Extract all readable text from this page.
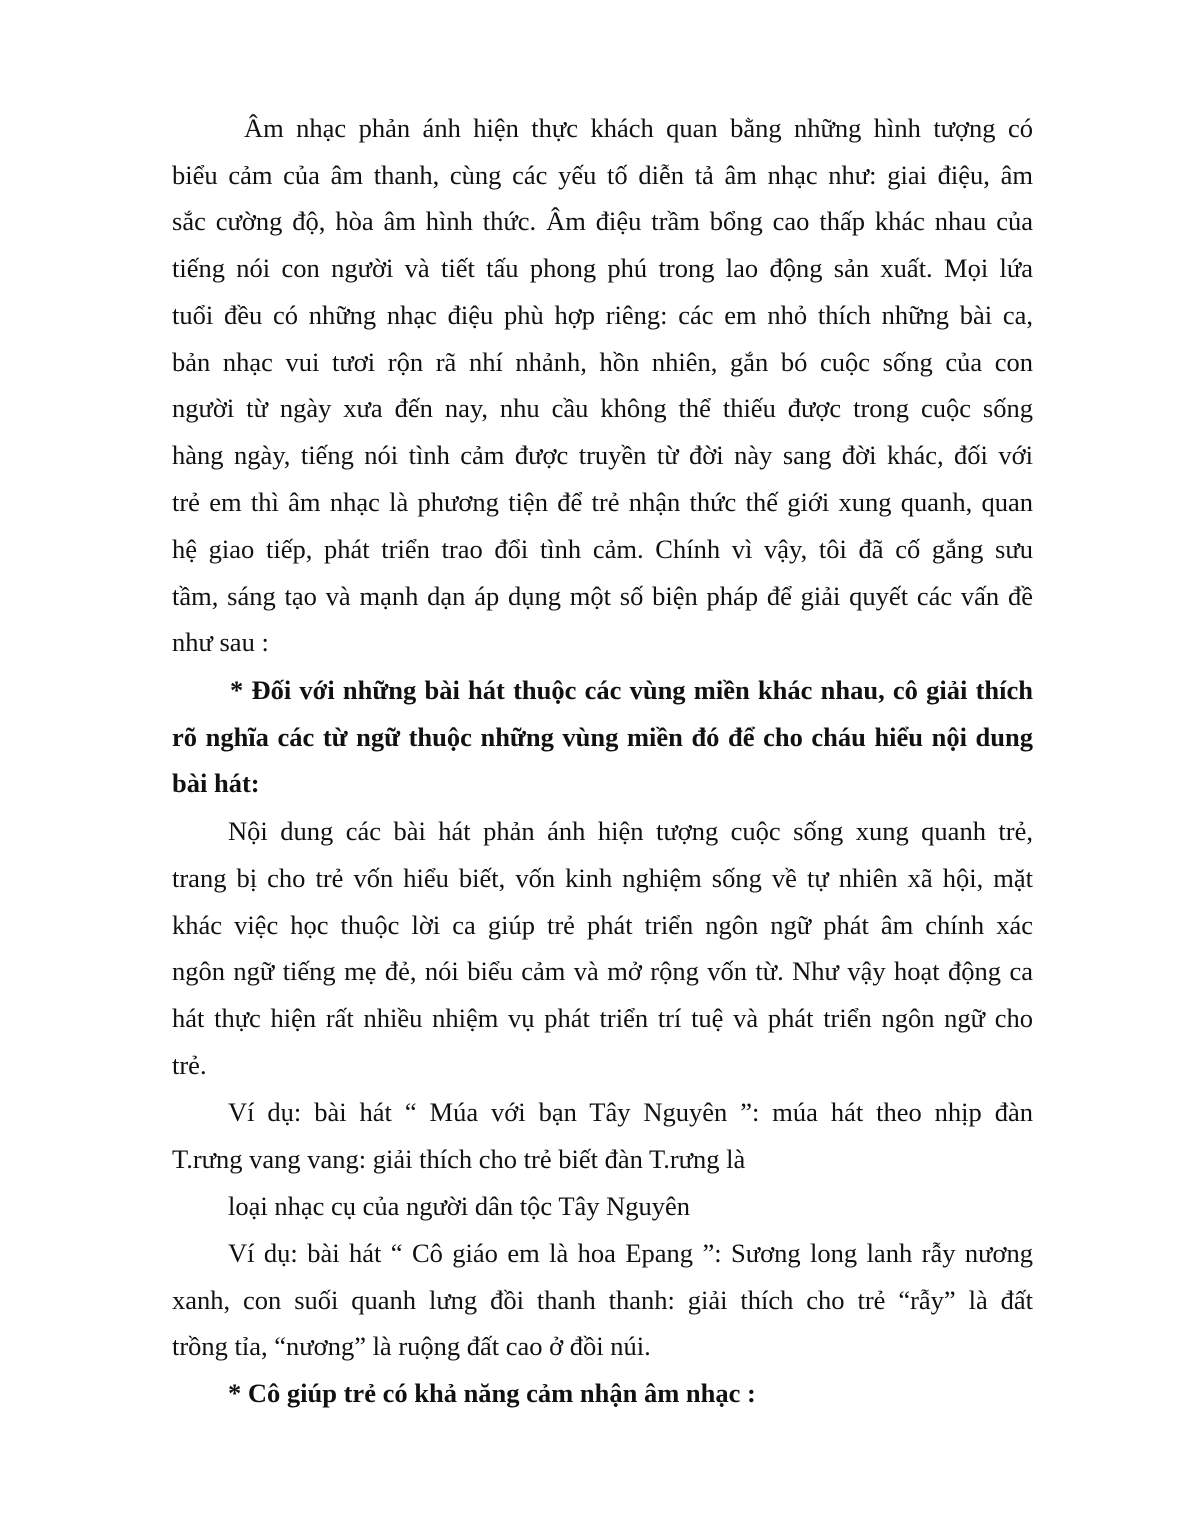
Âm nhạc phản ánh hiện thực khách quan bằng những hình tượng có

biểu cảm của âm thanh, cùng các yếu tố diễn tả âm nhạc như: giai điệu, âm

sắc cường độ, hòa âm hình thức. Âm điệu trầm bổng cao thấp khác nhau của

tiếng nói con người và tiết tấu phong phú trong lao động sản xuất. Mọi lứa

tuổi đều có những nhạc điệu phù hợp riêng: các em nhỏ thích những bài ca,

bản nhạc vui tươi rộn rã nhí nhảnh, hồn nhiên, gắn bó cuộc sống của con

người từ ngày xưa đến nay, nhu cầu không thể thiếu được trong cuộc sống

hàng ngày, tiếng nói tình cảm được truyền từ đời này sang đời khác, đối với

trẻ em thì âm nhạc là phương tiện để trẻ nhận thức thế giới xung quanh, quan

hệ giao tiếp, phát triển trao đổi tình cảm. Chính vì vậy, tôi đã cố gắng sưu

tầm, sáng tạo và mạnh dạn áp dụng một số biện pháp để giải quyết các vấn đề

như sau :

* Đối với những bài hát thuộc các vùng miền khác nhau, cô giải thích

rõ nghĩa các từ ngữ thuộc những vùng miền đó để cho cháu hiểu nội dung

bài hát:

Nội dung các bài hát phản ánh hiện tượng cuộc sống xung quanh trẻ,

trang bị cho trẻ vốn hiểu biết, vốn kinh nghiệm sống về tự nhiên xã hội, mặt

khác việc học thuộc lời ca giúp trẻ phát triển ngôn ngữ phát âm chính xác

ngôn ngữ tiếng mẹ đẻ, nói biểu cảm và mở rộng vốn từ. Như vậy hoạt động ca

hát thực hiện rất nhiều nhiệm vụ phát triển trí tuệ và phát triển ngôn ngữ cho

trẻ.

Ví dụ: bài hát “ Múa với bạn Tây Nguyên ”: múa hát theo nhịp đàn

T.rưng vang vang: giải thích cho trẻ biết đàn T.rưng là

loại nhạc cụ của người dân tộc Tây Nguyên

Ví dụ: bài hát “ Cô giáo em là hoa Epang ”: Sương long lanh rẫy nương

xanh, con suối quanh lưng đồi thanh thanh: giải thích cho trẻ “rẫy” là đất

trồng tỉa, “nương” là ruộng đất cao ở đồi núi.

* Cô giúp trẻ có khả năng cảm nhận âm nhạc :
